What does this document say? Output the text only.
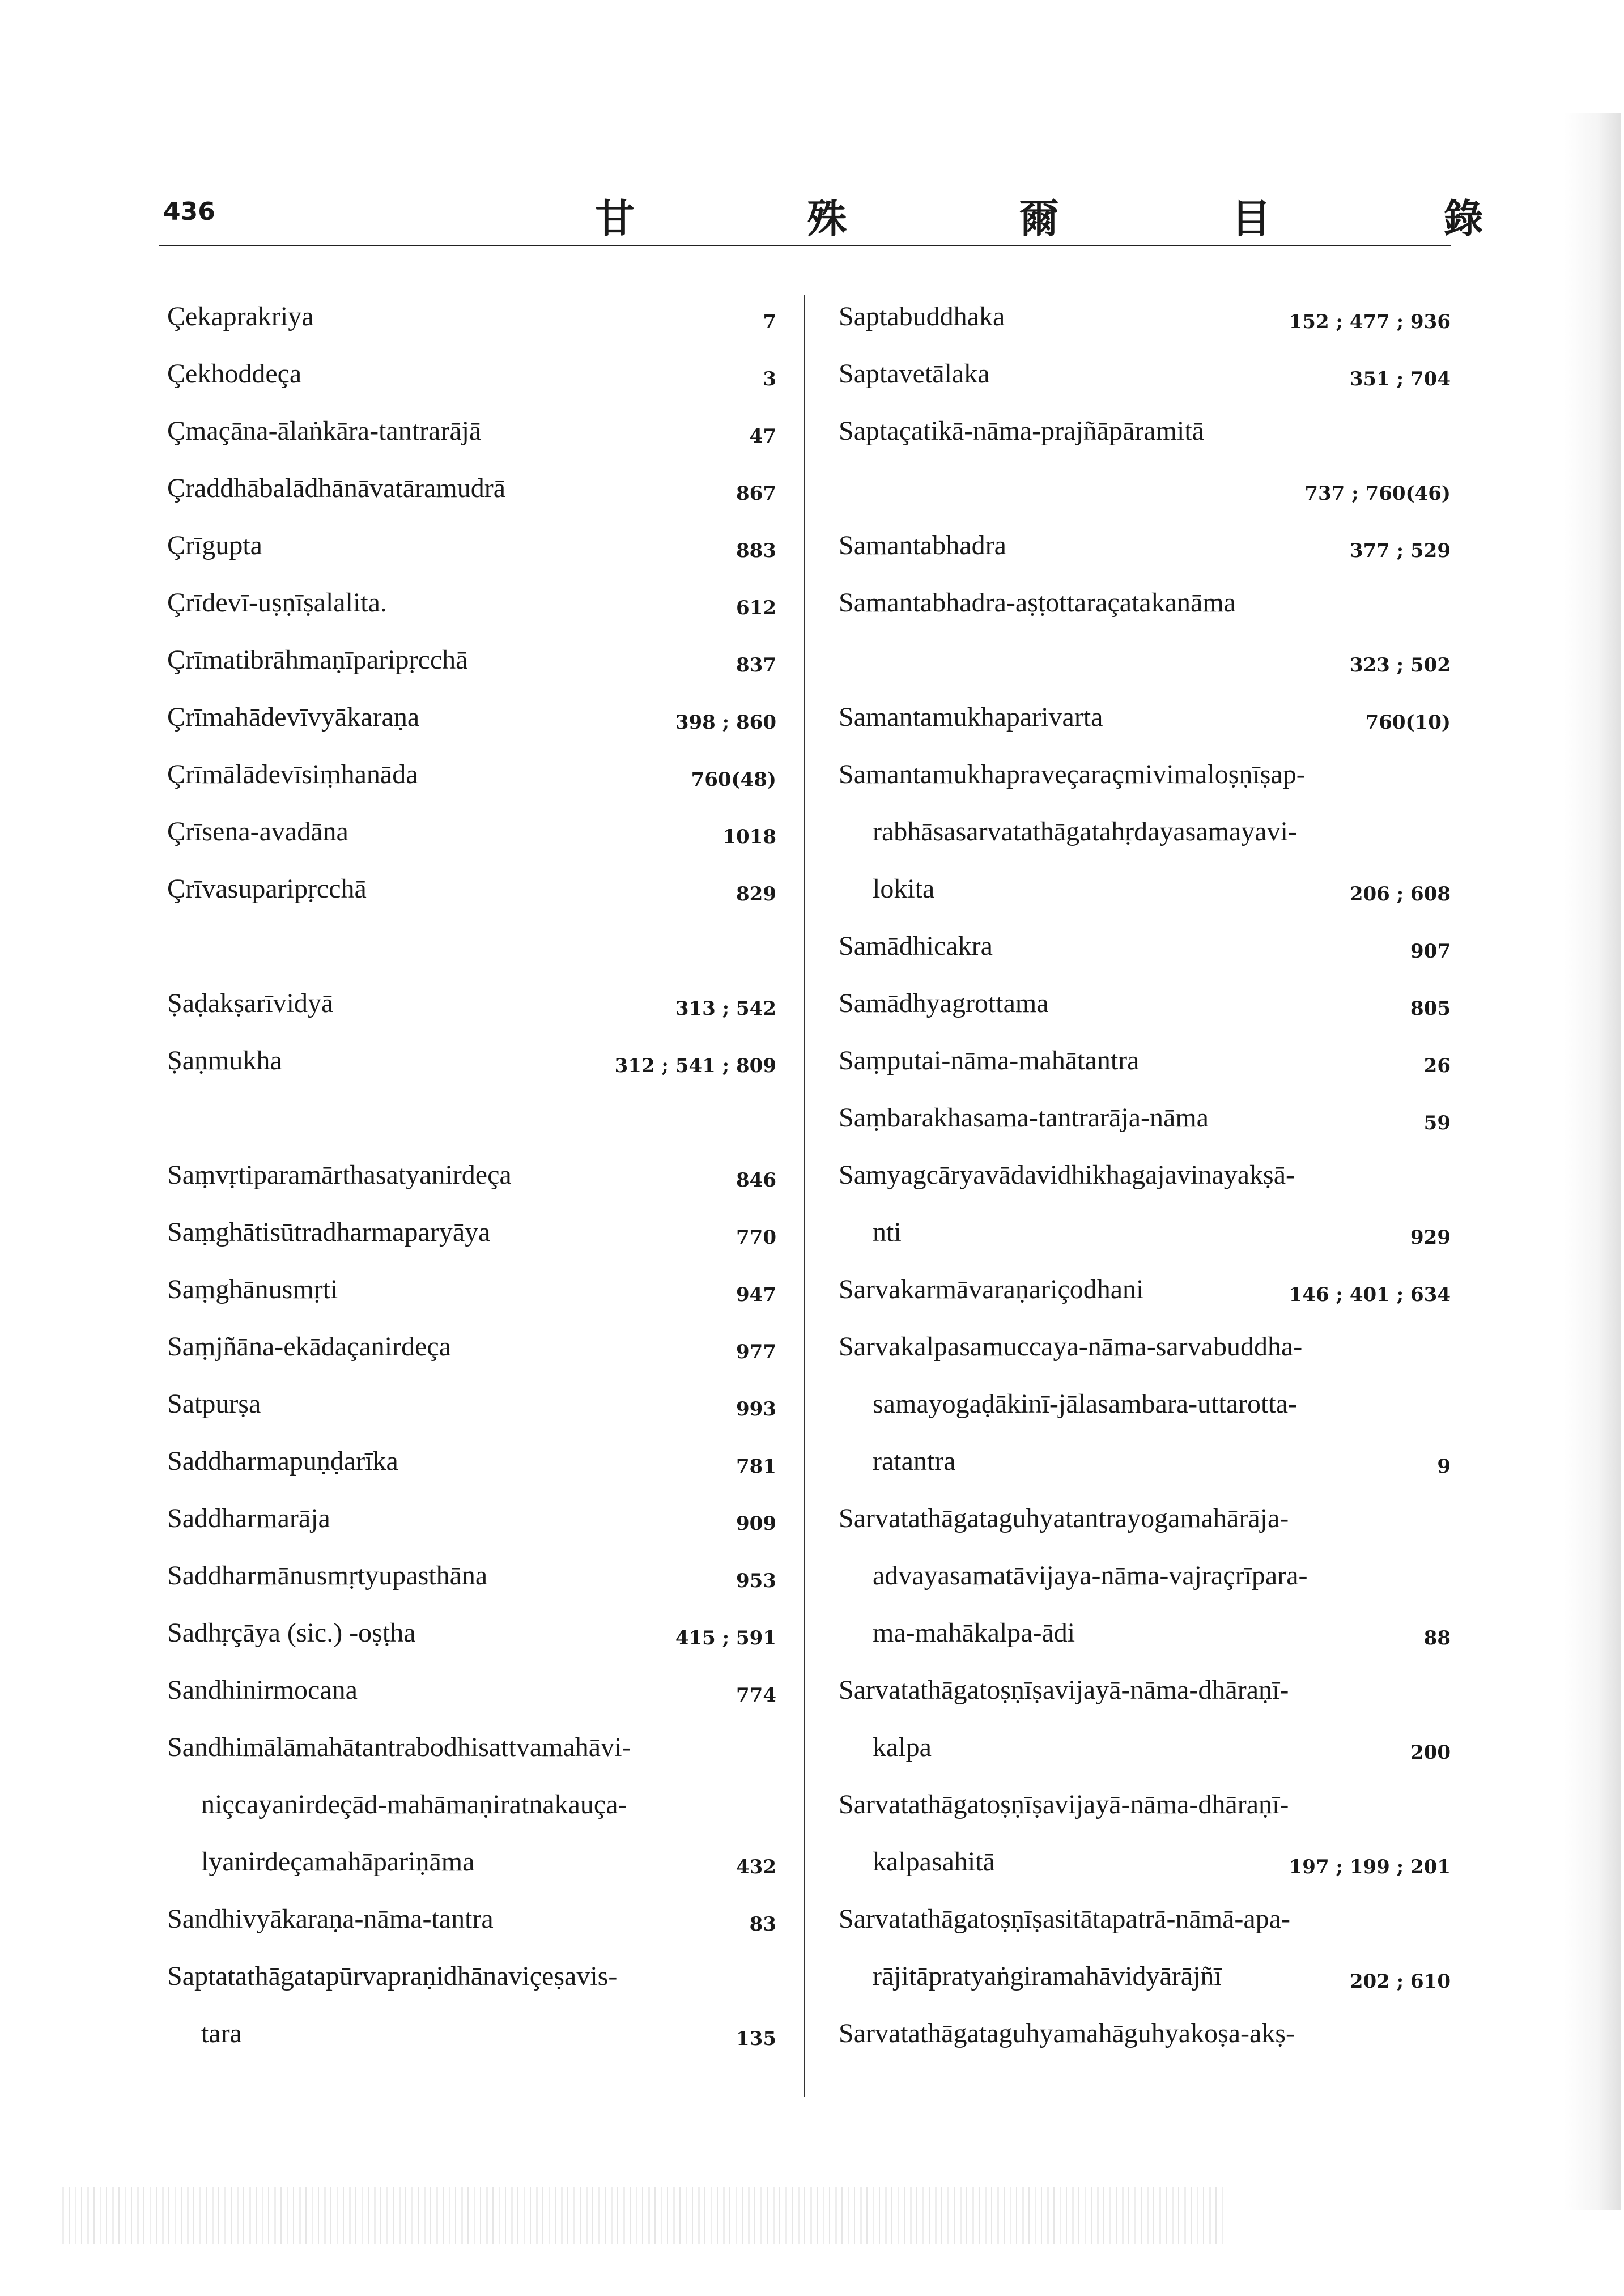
436	甘 殊 爾 目 錄
Çekaprakriya	7
Çekhoddeça	3
Çmaçāna-ālaṅkāra-tantrarājā	47
Çraddhābalādhānāvatāramudrā	867
Çrīgupta	883
Çrīdevī-uṣṇīṣalalita.	612
Çrīmatibrāhmaṇīparipṛcchā	837
Çrīmahādevīvyākaraṇa	398 ; 860
Çrīmālādevīsiṃhanāda	760(48)
Çrīsena-avadāna	1018
Çrīvasuparipṛcchā	829
Ṣaḍakṣarīvidyā	313 ; 542
Ṣaṇmukha	312 ; 541 ; 809
Saṃvṛtiparamārthasatyanirdeça	846
Saṃghātisūtradharmaparyāya	770
Saṃghānusmṛti	947
Saṃjñāna-ekādaçanirdeça	977
Satpurṣa	993
Saddharmapuṇḍarīka	781
Saddharmarāja	909
Saddharmānusmṛtyupasthāna	953
Sadhṛçāya (sic.) -oṣṭha	415 ; 591
Sandhinirmocana	774
Sandhimālāmahātantrabodhisattvamahāvi-
niçcayanirdeçād-mahāmaṇiratnakauça-
lyanirdeçamahāpariṇāma	432
Sandhivyākaraṇa-nāma-tantra	83
Saptatathāgatapūrvapraṇidhānaviçeṣavis-
tara	135
Saptabuddhaka	152 ; 477 ; 936
Saptavetālaka	351 ; 704
Saptaçatikā-nāma-prajñāpāramitā
737 ; 760(46)
Samantabhadra	377 ; 529
Samantabhadra-aṣṭottaraçatakanāma
323 ; 502
Samantamukhaparivarta	760(10)
Samantamukhapraveçaraçmivimaloṣṇīṣap-
rabhāsasarvatathāgatahṛdayasamayavi-
lokita	206 ; 608
Samādhicakra	907
Samādhyagrottama	805
Saṃputai-nāma-mahātantra	26
Saṃbarakhasama-tantrarāja-nāma	59
Samyagcāryavādavidhikhagajavinayakṣā-
nti	929
Sarvakarmāvaraṇariçodhani	146 ; 401 ; 634
Sarvakalpasamuccaya-nāma-sarvabuddha-
samayogaḍākinī-jālasambara-uttarotta-
ratantra	9
Sarvatathāgataguhyatantrayogamahārāja-
advayasamatāvijaya-nāma-vajraçrīpara-
ma-mahākalpa-ādi	88
Sarvatathāgatoṣṇīṣavijayā-nāma-dhāraṇī-
kalpa	200
Sarvatathāgatoṣṇīṣavijayā-nāma-dhāraṇī-
kalpasahitā	197 ; 199 ; 201
Sarvatathāgatoṣṇīṣasitātapatrā-nāmā-apa-
rājitāpratyaṅgiramahāvidyārājñī	202 ; 610
Sarvatathāgataguhyamahāguhyakoṣa-akṣ-
